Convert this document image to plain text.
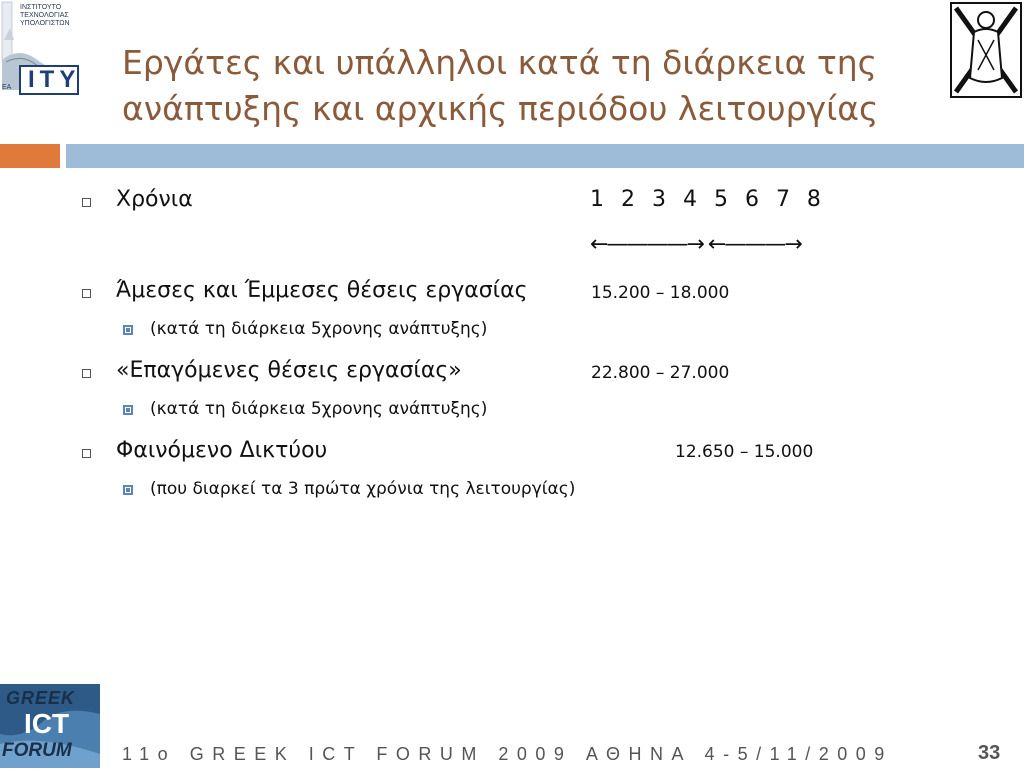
ΙΝΣΤΙΤΟΥΤΟ
ΤΕΧΝΟΛΟΓΙΑΣ
ΥΠΟΛΟΓΙΣΤΩΝ
ITY
ΕΑ
Εργάτες και υπάλληλοι κατά τη διάρκεια της ανάπτυξης και αρχικής περιόδου λειτουργίας
Χρόνια	1 2 3 4 5 6 7 8
←————→ ←———→
Άμεσες και Έμμεσες θέσεις εργασίας	15.200 – 18.000
(κατά τη διάρκεια 5χρονης ανάπτυξης)
«Επαγόμενες θέσεις εργασίας»	22.800 – 27.000
(κατά τη διάρκεια 5χρονης ανάπτυξης)
Φαινόμενο Δικτύου	12.650 – 15.000
(που διαρκεί τα 3 πρώτα χρόνια της λειτουργίας)
GREEK
ICT
FORUM	11ο GREEK ICT FORUM 2009 ΑΘΗΝΑ 4-5/11/2009	33
